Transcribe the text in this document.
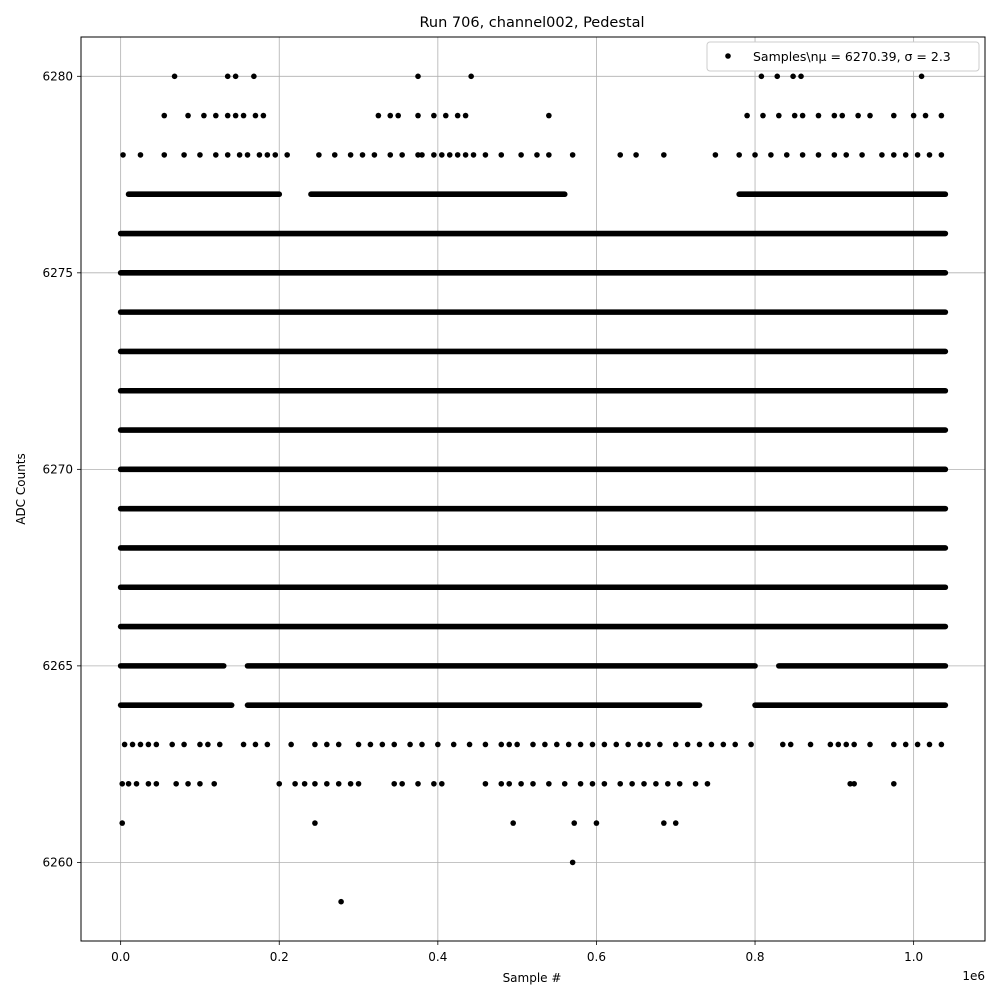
Run 706, channel002, Pedestal
0.0	0.2	0.4	0.6	0.8	1.0
6260
6265
6270
6275
6280
1e6
Sample #
ADC Counts
Samples\nμ = 6270.39, σ = 2.3
